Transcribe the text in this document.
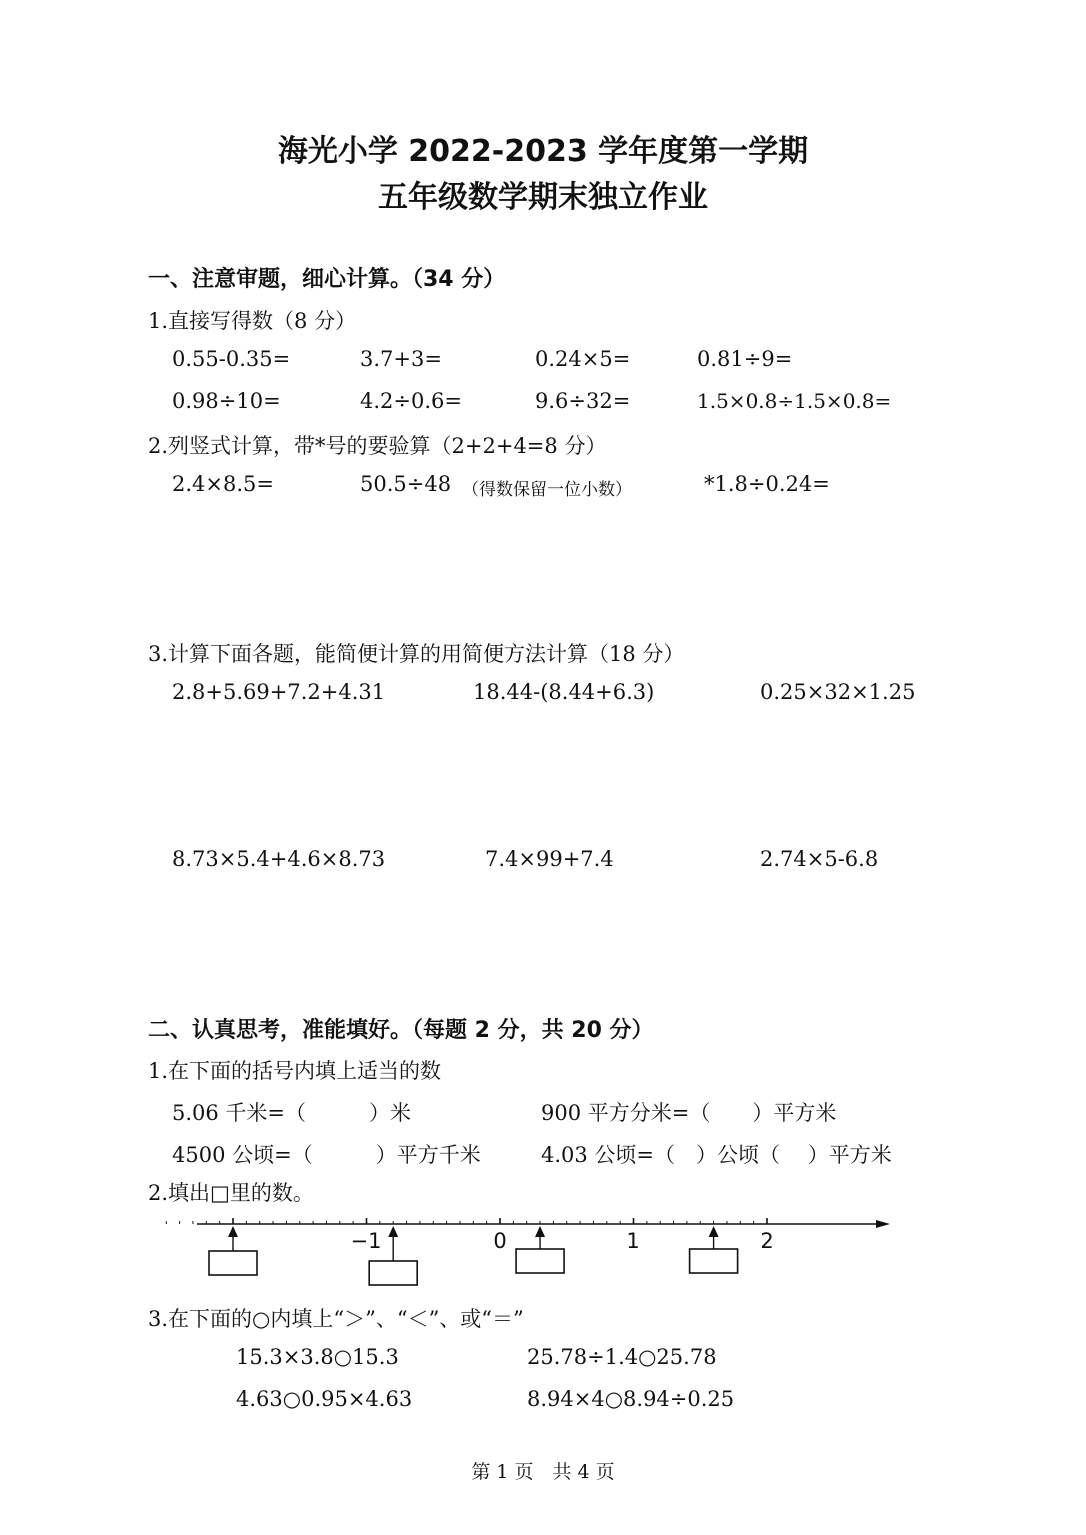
海光小学 2022-2023 学年度第一学期
五年级数学期末独立作业
一、注意审题，细心计算。（34 分）
1.直接写得数（8 分）
0.55-0.35=	3.7+3=	0.24×5=	0.81÷9=
0.98÷10=	4.2÷0.6=	9.6÷32=	1.5×0.8÷1.5×0.8=
2.列竖式计算，带*号的要验算（2+2+4=8 分）
2.4×8.5=	50.5÷48 （得数保留一位小数）	*1.8÷0.24=
3.计算下面各题，能简便计算的用简便方法计算（18 分）
2.8+5.69+7.2+4.31	18.44-(8.44+6.3)	0.25×32×1.25
8.73×5.4+4.6×8.73	7.4×99+7.4	2.74×5-6.8
二、认真思考，准能填好。（每题 2 分，共 20 分）
1.在下面的括号内填上适当的数
5.06 千米=（　　　）米	900 平方分米=（　　）平方米
4500 公顷=（　　　）平方千米	4.03 公顷=（　）公顷（　 ）平方米
2.填出□里的数。
−1	0	1	2
3.在下面的○内填上“＞”、“＜”、或“＝”
15.3×3.8○15.3	25.78÷1.4○25.78
4.63○0.95×4.63	8.94×4○8.94÷0.25
第 1 页　共 4 页
